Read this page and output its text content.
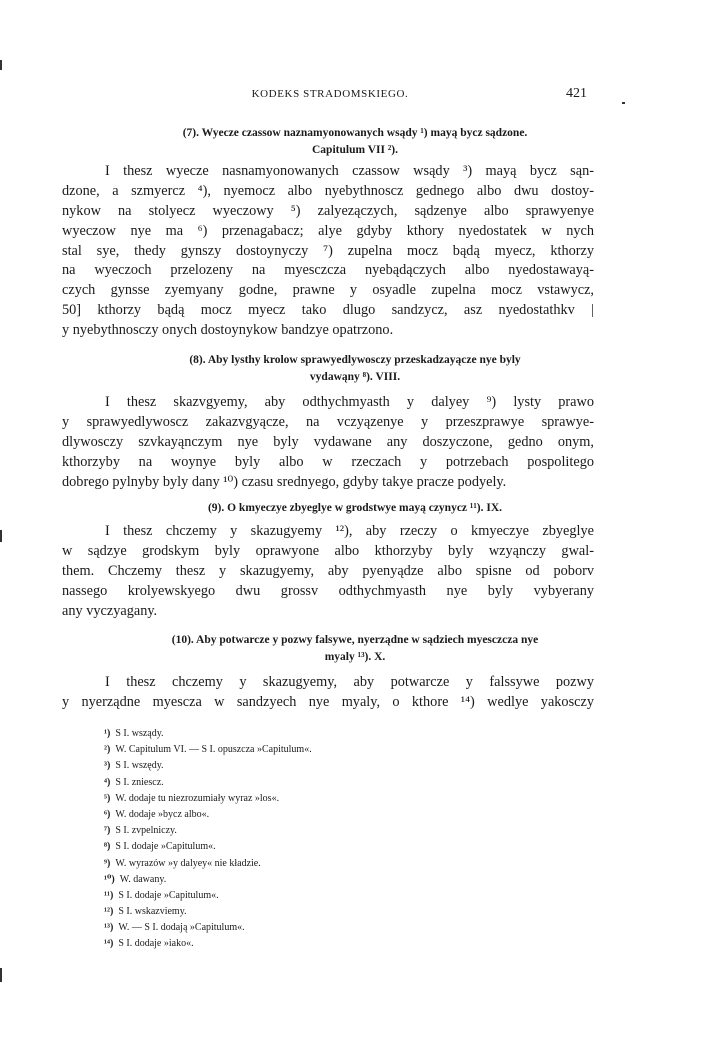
KODEKS STRADOMSKIEGO.	421
(7). Wyecze czassow naznamyonowanych wsądy ¹) mayą bycz sądzone.
Capitulum VII ²).
I thesz wyecze nasnamyonowanych czassow wsądy ³) mayą bycz sąn-
dzone, a szmyercz ⁴), nyemocz albo nyebythnoscz gednego albo dwu dostoy-
nykow na stolyecz wyeczowy ⁵) zalyezączych, sądzenye albo sprawyenye
wyeczow nye ma ⁶) przenagabacz; alye gdyby kthory nyedostatek w nych
stal sye, thedy gynszy dostoynyczy ⁷) zupelna mocz bądą myecz, kthorzy
na wyeczoch przelozeny na myesczcza nyebądączych albo nyedostawayą-
czych gynsse zyemyany godne, prawne y osyadle zupelna mocz vstawycz,
50] kthorzy bądą mocz myecz tako dlugo sandzycz, asz nyedostathkv |
y nyebythnosczy onych dostoynykow bandzye opatrzono.
(8). Aby lysthy krolow sprawyedlywosczy przeskadzayącze nye byly
vydawąny ⁸). VIII.
I thesz skazvgyemy, aby odthychmyasth y dalyey ⁹) lysty prawo
y sprawyedlywoscz zakazvgyącze, na vczyązenye y przeszprawye sprawye-
dlywosczy szvkayąnczym nye byly vydawane any doszyczone, gedno onym,
kthorzyby na woynye byly albo w rzeczach y potrzebach pospolitego
dobrego pylnyby byly dany ¹⁰) czasu srednyego, gdyby takye pracze podyely.
(9). O kmyeczye zbyeglye w grodstwye mayą czynycz ¹¹). IX.
I thesz chczemy y skazugyemy ¹²), aby rzeczy o kmyeczye zbyeglye
w sądzye grodskym byly oprawyone albo kthorzyby byly wzyąnczy gwal-
them. Chczemy thesz y skazugyemy, aby pyenyądze albo spisne od poborv
nassego krolyewskyego dwu grossv odthychmyasth nye byly vybyerany
any vyczyagany.
(10). Aby potwarcze y pozwy falsywe, nyerządne w sądziech myesczcza nye
myaly ¹³). X.
I thesz chczemy y skazugyemy, aby potwarcze y falssywe pozwy
y nyerządne myescza w sandzyech nye myaly, o kthore ¹⁴) wedlye yakosczy
¹) S I. wsządy.
²) W. Capitulum VI. — S I. opuszcza »Capitulum«.
³) S I. wszędy.
⁴) S I. zniescz.
⁵) W. dodaje tu niezrozumiały wyraz »los«.
⁶) W. dodaje »bycz albo«.
⁷) S I. zvpelniczy.
⁸) S I. dodaje »Capitulum«.
⁹) W. wyrazów »y dalyey« nie kładzie.
¹⁰) W. dawany.
¹¹) S I. dodaje »Capitulum«.
¹²) S I. wskazviemy.
¹³) W. — S I. dodają »Capitulum«.
¹⁴) S I. dodaje »iako«.
